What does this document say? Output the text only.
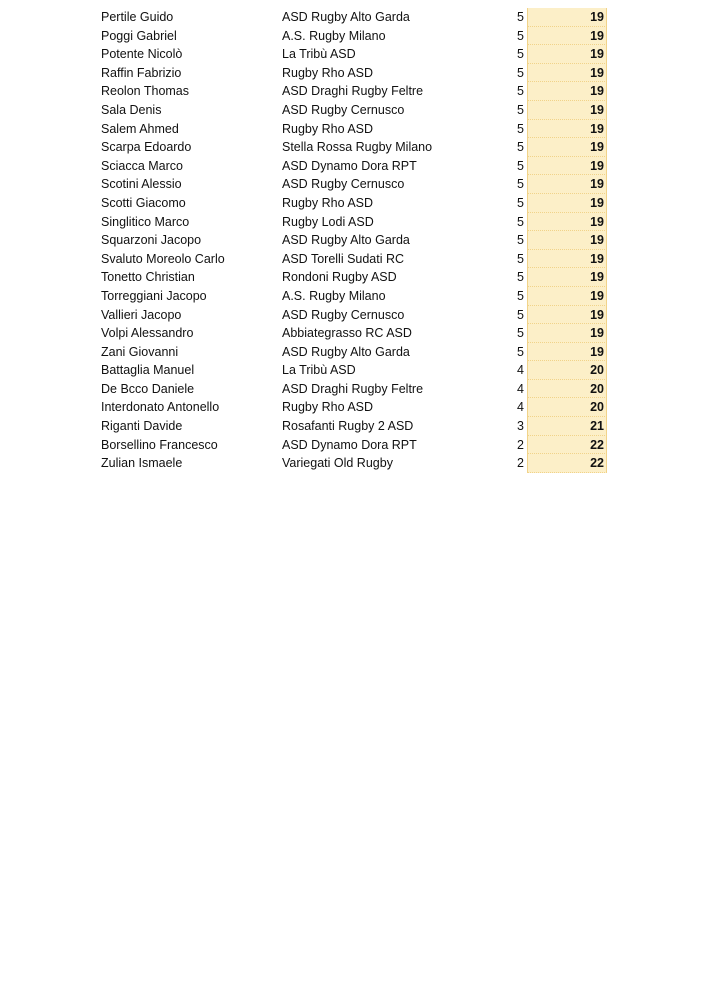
Pertile Guido	ASD Rugby Alto Garda	5	19
Poggi Gabriel	A.S. Rugby Milano	5	19
Potente Nicolò	La Tribù ASD	5	19
Raffin Fabrizio	Rugby Rho ASD	5	19
Reolon Thomas	ASD Draghi Rugby Feltre	5	19
Sala Denis	ASD Rugby Cernusco	5	19
Salem Ahmed	Rugby Rho ASD	5	19
Scarpa Edoardo	Stella Rossa Rugby Milano	5	19
Sciacca Marco	ASD Dynamo Dora RPT	5	19
Scotini Alessio	ASD Rugby Cernusco	5	19
Scotti Giacomo	Rugby Rho ASD	5	19
Singlitico Marco	Rugby Lodi ASD	5	19
Squarzoni Jacopo	ASD Rugby Alto Garda	5	19
Svaluto Moreolo Carlo	ASD Torelli Sudati RC	5	19
Tonetto Christian	Rondoni Rugby ASD	5	19
Torreggiani Jacopo	A.S. Rugby Milano	5	19
Vallieri Jacopo	ASD Rugby Cernusco	5	19
Volpi Alessandro	Abbiategrasso RC ASD	5	19
Zani Giovanni	ASD Rugby Alto Garda	5	19
Battaglia Manuel	La Tribù ASD	4	20
De Bcco Daniele	ASD Draghi Rugby Feltre	4	20
Interdonato Antonello	Rugby Rho ASD	4	20
Riganti Davide	Rosafanti Rugby 2 ASD	3	21
Borsellino Francesco	ASD Dynamo Dora RPT	2	22
Zulian Ismaele	Variegati Old Rugby	2	22
